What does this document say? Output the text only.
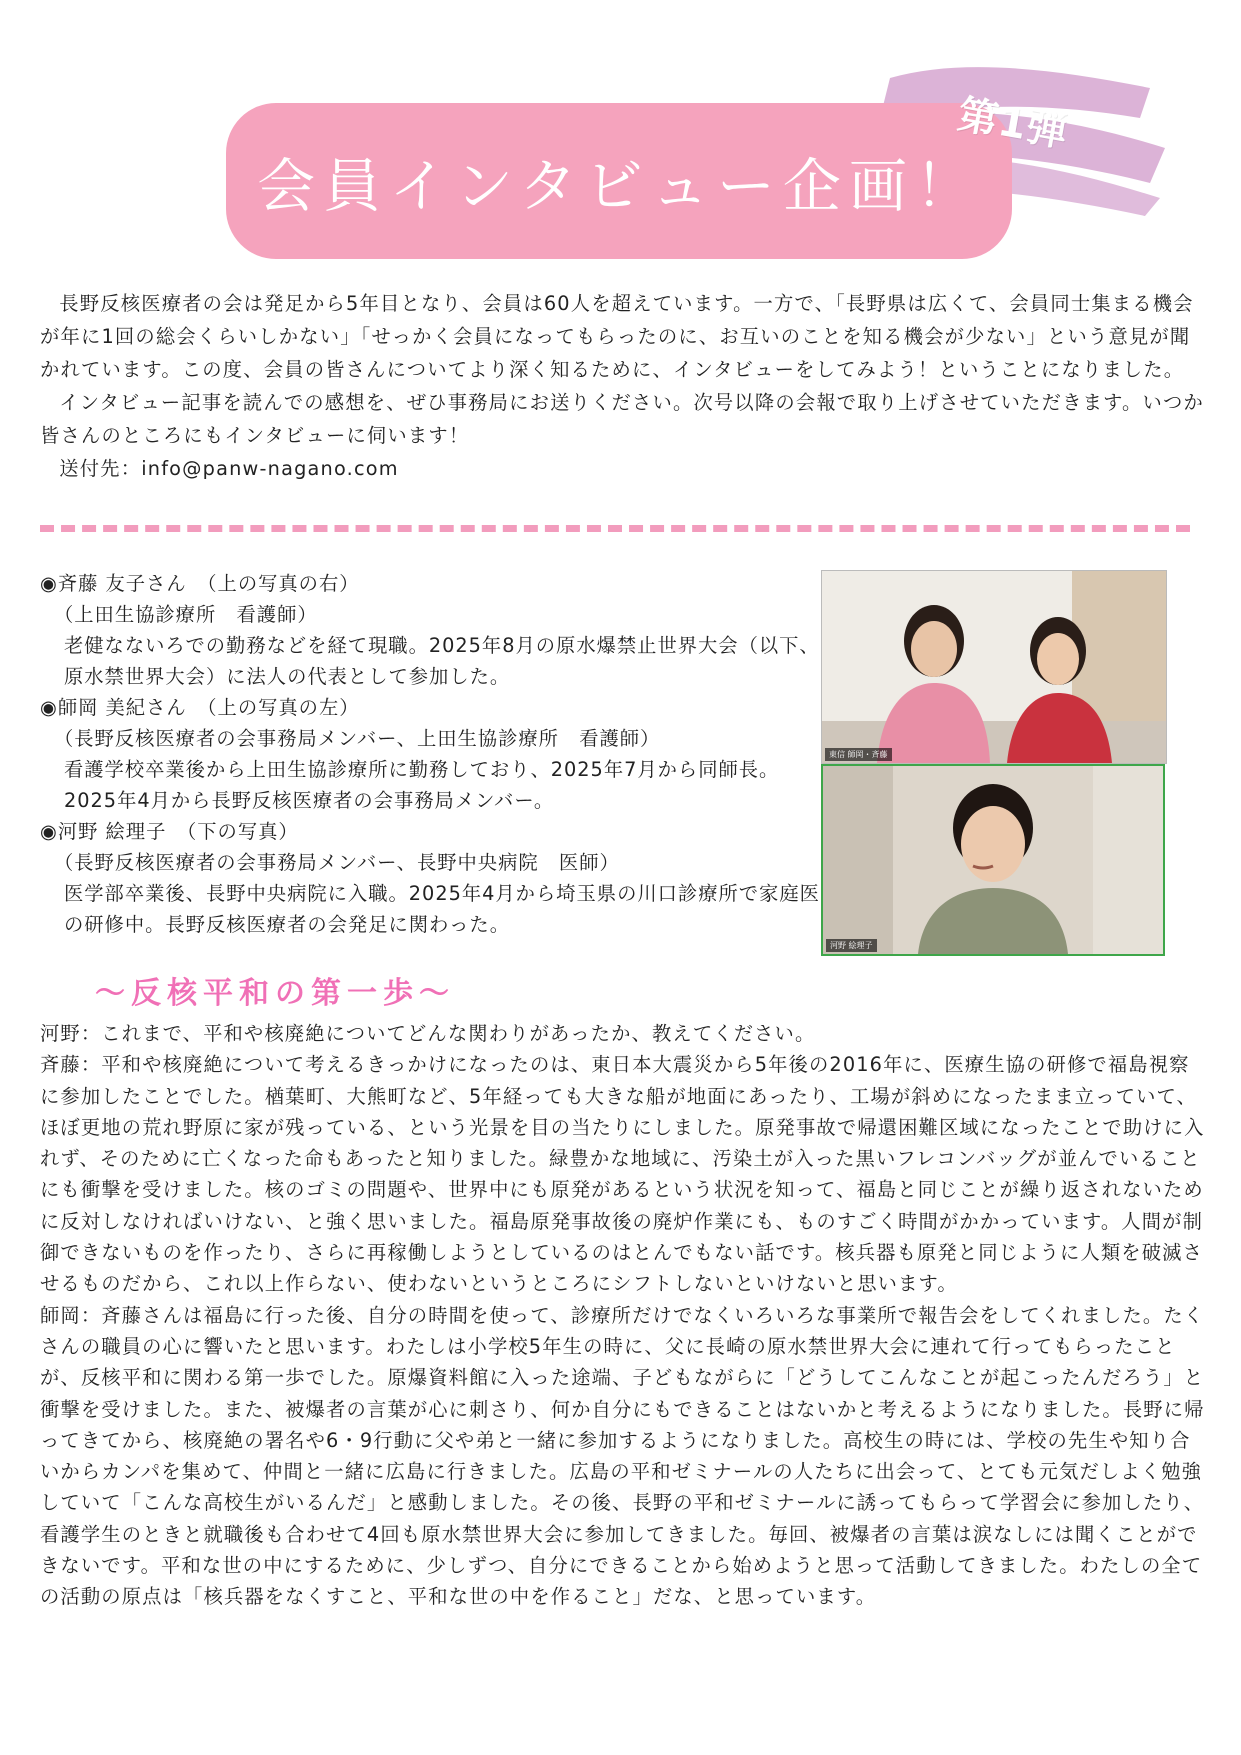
会員インタビュー企画！
第1弾

長野反核医療者の会は発足から5年目となり、会員は60人を超えています。一方で、「長野県は広くて、会員同士集まる機会が年に1回の総会くらいしかない」「せっかく会員になってもらったのに、お互いのことを知る機会が少ない」という意見が聞かれています。この度、会員の皆さんについてより深く知るために、インタビューをしてみよう！ということになりました。

インタビュー記事を読んでの感想を、ぜひ事務局にお送りください。次号以降の会報で取り上げさせていただきます。いつか皆さんのところにもインタビューに伺います！

送付先：info@panw-nagano.com
◉斉藤 友子さん　（上の写真の右）
（上田生協診療所　看護師）
老健なないろでの勤務などを経て現職。2025年8月の原水爆禁止世界大会（以下、原水禁世界大会）に法人の代表として参加した。
◉師岡 美紀さん　（上の写真の左）
（長野反核医療者の会事務局メンバー、上田生協診療所　看護師）
看護学校卒業後から上田生協診療所に勤務しており、2025年7月から同師長。2025年4月から長野反核医療者の会事務局メンバー。
◉河野 絵理子　（下の写真）
（長野反核医療者の会事務局メンバー、長野中央病院　医師）
医学部卒業後、長野中央病院に入職。2025年4月から埼玉県の川口診療所で家庭医の研修中。長野反核医療者の会発足に関わった。
東信 師岡・斉藤
河野 絵理子
～反核平和の第一歩～

河野：これまで、平和や核廃絶についてどんな関わりがあったか、教えてください。

斉藤：平和や核廃絶について考えるきっかけになったのは、東日本大震災から5年後の2016年に、医療生協の研修で福島視察に参加したことでした。楢葉町、大熊町など、5年経っても大きな船が地面にあったり、工場が斜めになったまま立っていて、ほぼ更地の荒れ野原に家が残っている、という光景を目の当たりにしました。原発事故で帰還困難区域になったことで助けに入れず、そのために亡くなった命もあったと知りました。緑豊かな地域に、汚染土が入った黒いフレコンバッグが並んでいることにも衝撃を受けました。核のゴミの問題や、世界中にも原発があるという状況を知って、福島と同じことが繰り返されないために反対しなければいけない、と強く思いました。福島原発事故後の廃炉作業にも、ものすごく時間がかかっています。人間が制御できないものを作ったり、さらに再稼働しようとしているのはとんでもない話です。核兵器も原発と同じように人類を破滅させるものだから、これ以上作らない、使わないというところにシフトしないといけないと思います。

師岡：斉藤さんは福島に行った後、自分の時間を使って、診療所だけでなくいろいろな事業所で報告会をしてくれました。たくさんの職員の心に響いたと思います。わたしは小学校5年生の時に、父に長崎の原水禁世界大会に連れて行ってもらったことが、反核平和に関わる第一歩でした。原爆資料館に入った途端、子どもながらに「どうしてこんなことが起こったんだろう」と衝撃を受けました。また、被爆者の言葉が心に刺さり、何か自分にもできることはないかと考えるようになりました。長野に帰ってきてから、核廃絶の署名や6・9行動に父や弟と一緒に参加するようになりました。高校生の時には、学校の先生や知り合いからカンパを集めて、仲間と一緒に広島に行きました。広島の平和ゼミナールの人たちに出会って、とても元気だしよく勉強していて「こんな高校生がいるんだ」と感動しました。その後、長野の平和ゼミナールに誘ってもらって学習会に参加したり、看護学生のときと就職後も合わせて4回も原水禁世界大会に参加してきました。毎回、被爆者の言葉は涙なしには聞くことができないです。平和な世の中にするために、少しずつ、自分にできることから始めようと思って活動してきました。わたしの全ての活動の原点は「核兵器をなくすこと、平和な世の中を作ること」だな、と思っています。
